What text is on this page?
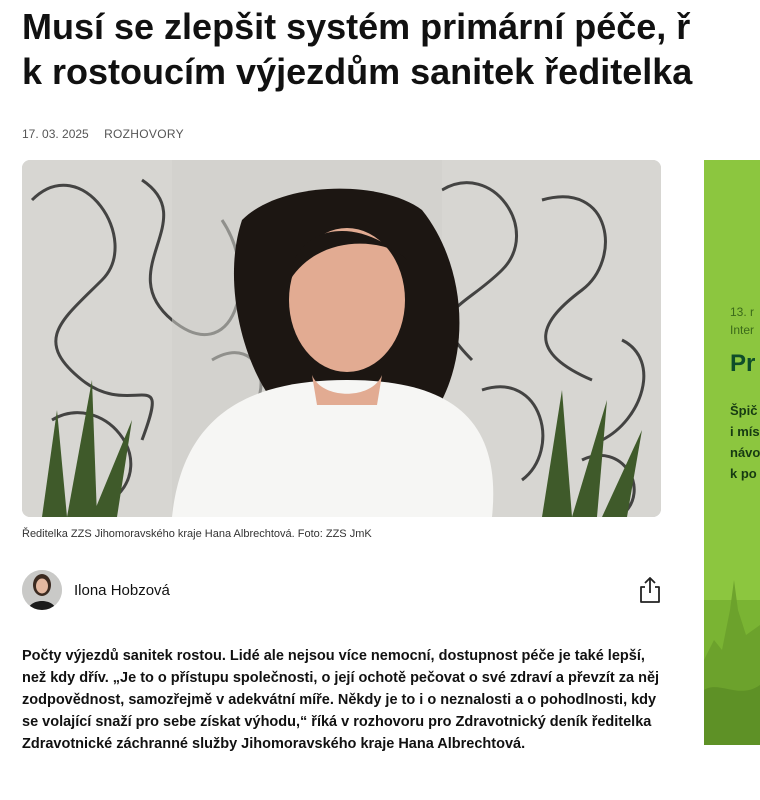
Musí se zlepšit systém primární péče, ř
k rostoucím výjezdům sanitek ředitelka
17. 03. 2025 ROZHOVORY
Ředitelka ZZS Jihomoravského kraje Hana Albrechtová. Foto: ZZS JmK
Ilona Hobzová

Počty výjezdů sanitek rostou. Lidé ale nejsou více nemocní, dostupnost péče je také lepší, než kdy dřív. „Je to o přístupu společnosti, o její ochotě pečovat o své zdraví a převzít za něj zodpovědnost, samozřejmě v adekvátní míře. Někdy je to i o neznalosti a o pohodlnosti, kdy se volající snaží pro sebe získat výhodu,“ říká v rozhovoru pro Zdravotnický deník ředitelka Zdravotnické záchranné služby Jihomoravského kraje Hana Albrechtová.

13. r
Inter
Pr
Špič
i mís
návo
k po
